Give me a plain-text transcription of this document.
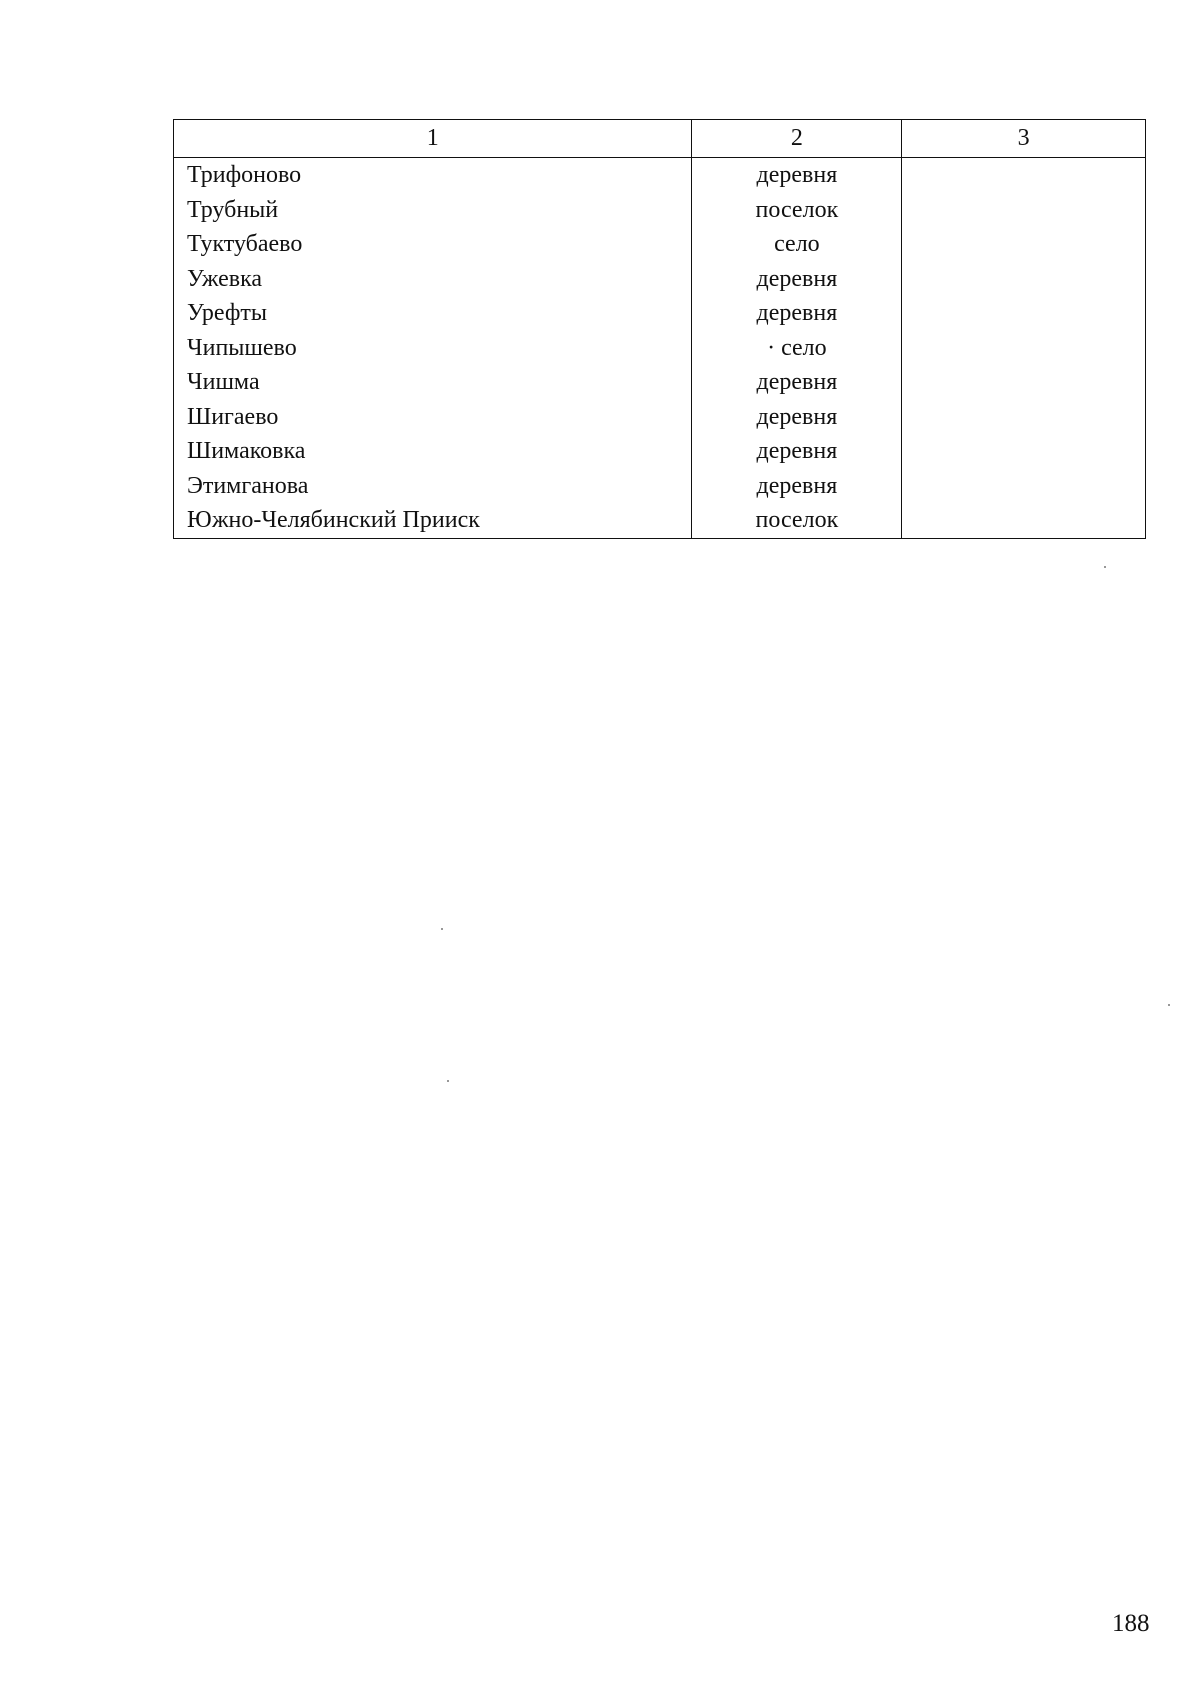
1	2	3
Трифоново	деревня	
Трубный	поселок	
Туктубаево	село	
Ужевка	деревня	
Урефты	деревня	
Чипышево	· село	
Чишма	деревня	
Шигаево	деревня	
Шимаковка	деревня	
Этимганова	деревня	
Южно-Челябинский Прииск	поселок	
188
